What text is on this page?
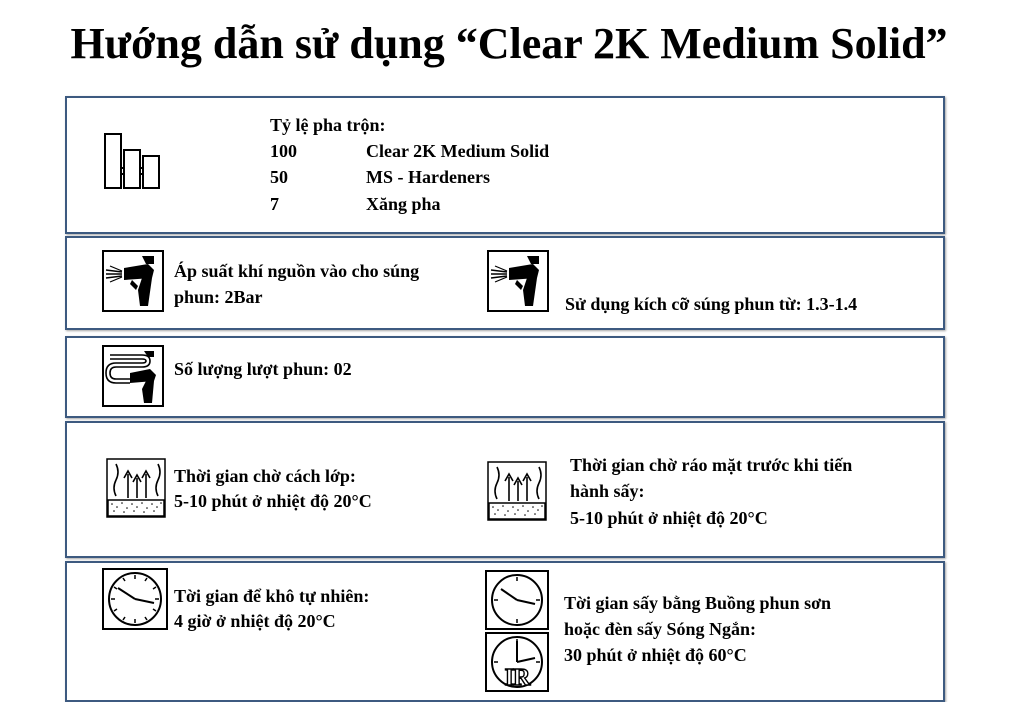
Hướng dẫn sử dụng “Clear 2K Medium Solid”
Tỷ lệ pha trộn:
100	Clear 2K Medium Solid
50	MS - Hardeners
7	Xăng pha
Áp suất khí nguồn vào cho súng
phun: 2Bar	Sử dụng kích cỡ súng phun từ: 1.3-1.4
Số lượng lượt phun: 02
Thời gian chờ cách lớp:
5-10 phút ở nhiệt độ 20°C
Thời gian chờ ráo mặt trước khi tiến
hành sấy:
5-10 phút ở nhiệt độ 20°C
Tời gian để khô tự nhiên:
4 giờ ở nhiệt độ 20°C
IR
Tời gian sấy bằng Buồng phun sơn
hoặc đèn sấy Sóng Ngắn:
30 phút ở nhiệt độ 60°C
